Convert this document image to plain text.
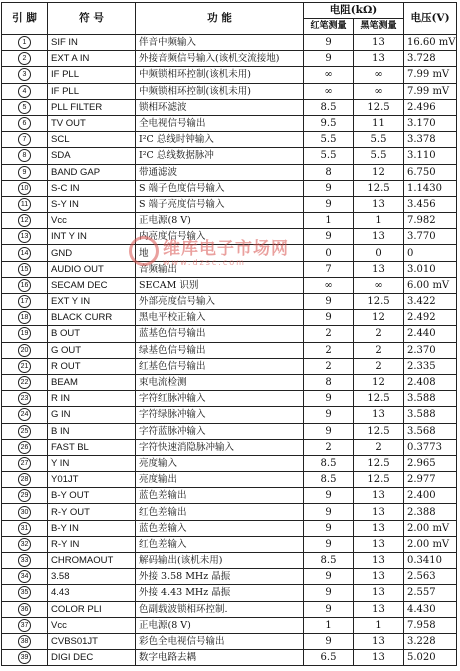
引 脚	符 号	功 能	电阻(kΩ)		电压(V)
			红笔测量	黑笔测量	
1	SIF IN	伴音中频输入	9	13	16.60 mV
2	EXT A IN	外接音频信号输入(该机交流接地)	9	13	3.728
3	IF PLL	中频锁相环控制(该机未用)	∞	∞	7.99 mV
4	IF PLL	中频锁相环控制(该机未用)	∞	∞	7.99 mV
5	PLL FILTER	锁相环滤波	8.5	12.5	2.496
6	TV OUT	全电视信号输出	9.5	11	3.170
7	SCL	I²C 总线时钟输入	5.5	5.5	3.378
8	SDA	I²C 总线数据脉冲	5.5	5.5	3.110
9	BAND GAP	带通滤波	8	12	6.750
10	S-C IN	S 端子色度信号输入	9	12.5	1.1430
11	S-Y IN	S 端子亮度信号输入	9	13	3.456
12	Vcc	正电源(8 V)	1	1	7.982
13	INT Y IN	内亮度信号输入	9	13	3.770
14	GND	地	0	0	0
15	AUDIO OUT	音频输出	7	13	3.010
16	SECAM DEC	SECAM 识别	∞	∞	6.00 mV
17	EXT Y IN	外部亮度信号输入	9	12.5	3.422
18	BLACK CURR	黑电平校正输入	9	12	2.492
19	B OUT	蓝基色信号输出	2	2	2.440
20	G OUT	绿基色信号输出	2	2	2.370
21	R OUT	红基色信号输出	2	2	2.335
22	BEAM	束电流检测	8	12	2.408
23	R IN	字符红脉冲输入	9	12.5	3.588
24	G IN	字符绿脉冲输入	9	13	3.588
25	B IN	字符蓝脉冲输入	9	12.5	3.568
26	FAST BL	字符快速消隐脉冲输入	2	2	0.3773
27	Y IN	亮度输入	8.5	12.5	2.965
28	Y01JT	亮度输出	8.5	12.5	2.977
29	B-Y OUT	蓝色差输出	9	13	2.400
30	R-Y OUT	红色差输出	9	13	2.388
31	B-Y IN	蓝色差输入	9	13	2.00 mV
32	R-Y IN	红色差输入	9	13	2.00 mV
33	CHROMAOUT	解码输出(该机未用)	8.5	13	0.3410
34	3.58	外接 3.58 MHz 晶振	9	13	2.563
35	4.43	外接 4.43 MHz 晶振	9	13	2.557
36	COLOR PLI	色副载波锁相环控制.	9	13	4.430
37	Vcc	正电源(8 V)	1	1	7.958
38	CVBS01JT	彩色全电视信号输出	9	13	3.228
39	DIGI DEC	数字电路去耦	6.5	13	5.020
维库电子市场网
www.dzsc.com
